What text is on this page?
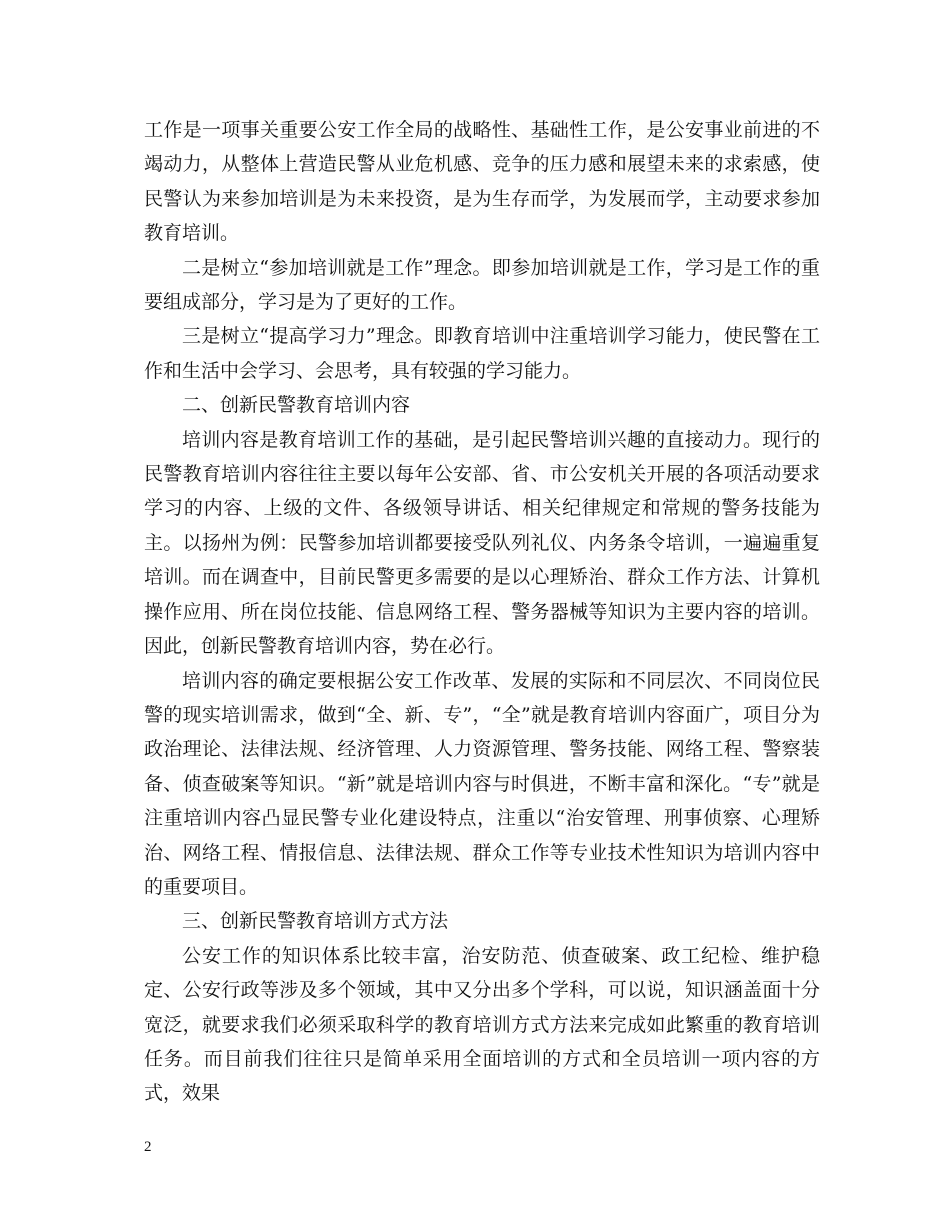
工作是一项事关重要公安工作全局的战略性、基础性工作，是公安事业前进的不竭动力，从整体上营造民警从业危机感、竞争的压力感和展望未来的求索感，使民警认为来参加培训是为未来投资，是为生存而学，为发展而学，主动要求参加教育培训。

二是树立“参加培训就是工作”理念。即参加培训就是工作，学习是工作的重要组成部分，学习是为了更好的工作。

三是树立“提高学习力”理念。即教育培训中注重培训学习能力，使民警在工作和生活中会学习、会思考，具有较强的学习能力。

二、创新民警教育培训内容

培训内容是教育培训工作的基础，是引起民警培训兴趣的直接动力。现行的民警教育培训内容往往主要以每年公安部、省、市公安机关开展的各项活动要求学习的内容、上级的文件、各级领导讲话、相关纪律规定和常规的警务技能为主。以扬州为例：民警参加培训都要接受队列礼仪、内务条令培训，一遍遍重复培训。而在调查中，目前民警更多需要的是以心理矫治、群众工作方法、计算机操作应用、所在岗位技能、信息网络工程、警务器械等知识为主要内容的培训。因此，创新民警教育培训内容，势在必行。

培训内容的确定要根据公安工作改革、发展的实际和不同层次、不同岗位民警的现实培训需求，做到“全、新、专”，“全”就是教育培训内容面广，项目分为政治理论、法律法规、经济管理、人力资源管理、警务技能、网络工程、警察装备、侦查破案等知识。“新”就是培训内容与时俱进，不断丰富和深化。“专”就是注重培训内容凸显民警专业化建设特点，注重以“治安管理、刑事侦察、心理矫治、网络工程、情报信息、法律法规、群众工作等专业技术性知识为培训内容中的重要项目。

三、创新民警教育培训方式方法

公安工作的知识体系比较丰富，治安防范、侦查破案、政工纪检、维护稳定、公安行政等涉及多个领域，其中又分出多个学科，可以说，知识涵盖面十分宽泛，就要求我们必须采取科学的教育培训方式方法来完成如此繁重的教育培训任务。而目前我们往往只是简单采用全面培训的方式和全员培训一项内容的方式，效果

2
